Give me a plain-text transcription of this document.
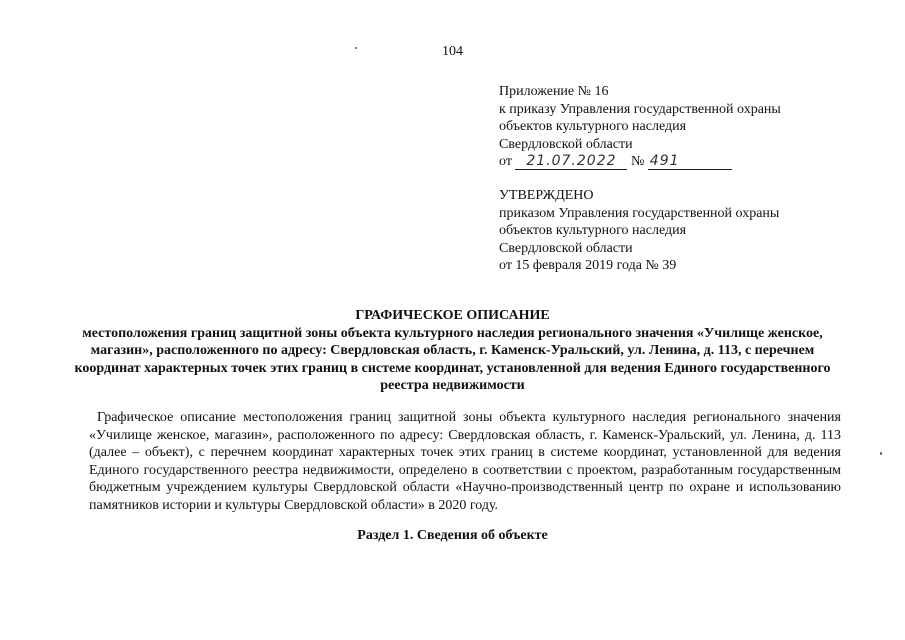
104
Приложение № 16
к приказу Управления государственной охраны
объектов культурного наследия
Свердловской области
от 21.07.2022 № 491
УТВЕРЖДЕНО
приказом Управления государственной охраны
объектов культурного наследия
Свердловской области
от 15 февраля 2019 года № 39
ГРАФИЧЕСКОЕ ОПИСАНИЕ
местоположения границ защитной зоны объекта культурного наследия регионального значения «Училище женское, магазин», расположенного по адресу: Свердловская область, г. Каменск-Уральский, ул. Ленина, д. 113, с перечнем координат характерных точек этих границ в системе координат, установленной для ведения Единого государственного реестра недвижимости
Графическое описание местоположения границ защитной зоны объекта культурного наследия регионального значения «Училище женское, магазин», расположенного по адресу: Свердловская область, г. Каменск-Уральский, ул. Ленина, д. 113 (далее – объект), с перечнем координат характерных точек этих границ в системе координат, установленной для ведения Единого государственного реестра недвижимости, определено в соответствии с проектом, разработанным государственным бюджетным учреждением культуры Свердловской области «Научно-производственный центр по охране и использованию памятников истории и культуры Свердловской области» в 2020 году.
Раздел 1. Сведения об объекте
